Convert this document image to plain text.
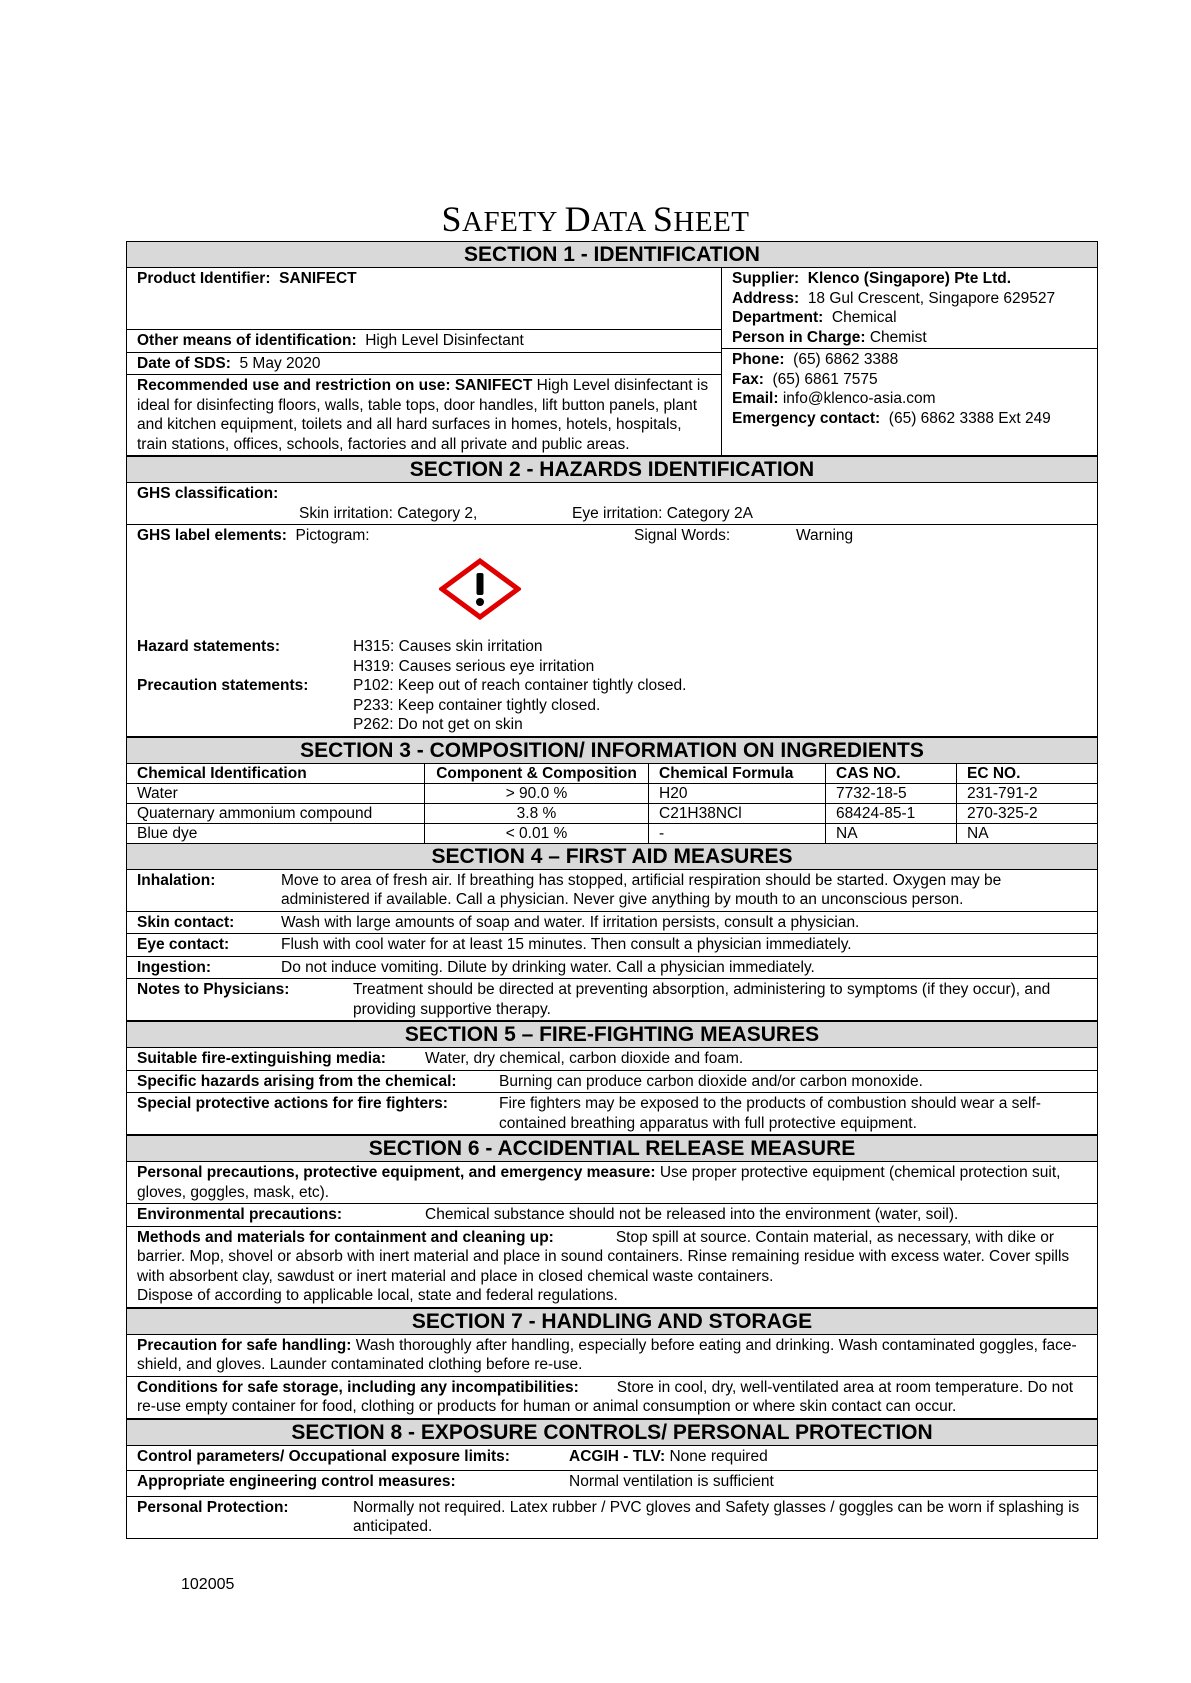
SAFETY DATA SHEET
SECTION 1 - IDENTIFICATION
Product Identifier: SANIFECT
Other means of identification: High Level Disinfectant
Date of SDS: 5 May 2020
Recommended use and restriction on use: SANIFECT High Level disinfectant is ideal for disinfecting floors, walls, table tops, door handles, lift button panels, plant and kitchen equipment, toilets and all hard surfaces in homes, hotels, hospitals, train stations, offices, schools, factories and all private and public areas.
Supplier: Klenco (Singapore) Pte Ltd.
Address: 18 Gul Crescent, Singapore 629527
Department: Chemical
Person in Charge: Chemist
Phone: (65) 6862 3388
Fax: (65) 6861 7575
Email: info@klenco-asia.com
Emergency contact: (65) 6862 3388 Ext 249
SECTION 2 - HAZARDS IDENTIFICATION
GHS classification:
Skin irritation: Category 2,	Eye irritation: Category 2A
GHS label elements: Pictogram:	Signal Words:	Warning
Hazard statements:	H315: Causes skin irritation
H319: Causes serious eye irritation
Precaution statements:	P102: Keep out of reach container tightly closed.
P233: Keep container tightly closed.
P262: Do not get on skin
SECTION 3 - COMPOSITION/ INFORMATION ON INGREDIENTS
Chemical Identification	Component & Composition	Chemical Formula	CAS NO.	EC NO.
Water	> 90.0 %	H20	7732-18-5	231-791-2
Quaternary ammonium compound	3.8 %	C21H38NCl	68424-85-1	270-325-2
Blue dye	< 0.01 %	-	NA	NA
SECTION 4 – FIRST AID MEASURES
Inhalation:	Move to area of fresh air. If breathing has stopped, artificial respiration should be started. Oxygen may be administered if available. Call a physician. Never give anything by mouth to an unconscious person.
Skin contact:	Wash with large amounts of soap and water. If irritation persists, consult a physician.
Eye contact:	Flush with cool water for at least 15 minutes. Then consult a physician immediately.
Ingestion:	Do not induce vomiting. Dilute by drinking water. Call a physician immediately.
Notes to Physicians:	Treatment should be directed at preventing absorption, administering to symptoms (if they occur), and providing supportive therapy.
SECTION 5 – FIRE-FIGHTING MEASURES
Suitable fire-extinguishing media:	Water, dry chemical, carbon dioxide and foam.
Specific hazards arising from the chemical:	Burning can produce carbon dioxide and/or carbon monoxide.
Special protective actions for fire fighters:	Fire fighters may be exposed to the products of combustion should wear a self-contained breathing apparatus with full protective equipment.
SECTION 6 - ACCIDENTIAL RELEASE MEASURE
Personal precautions, protective equipment, and emergency measure: Use proper protective equipment (chemical protection suit, gloves, goggles, mask, etc).
Environmental precautions:	Chemical substance should not be released into the environment (water, soil).
Methods and materials for containment and cleaning up:	Stop spill at source. Contain material, as necessary, with dike or barrier. Mop, shovel or absorb with inert material and place in sound containers. Rinse remaining residue with excess water. Cover spills with absorbent clay, sawdust or inert material and place in closed chemical waste containers.
Dispose of according to applicable local, state and federal regulations.
SECTION 7 - HANDLING AND STORAGE
Precaution for safe handling: Wash thoroughly after handling, especially before eating and drinking. Wash contaminated goggles, face-shield, and gloves. Launder contaminated clothing before re-use.
Conditions for safe storage, including any incompatibilities: Store in cool, dry, well-ventilated area at room temperature. Do not re-use empty container for food, clothing or products for human or animal consumption or where skin contact can occur.
SECTION 8 - EXPOSURE CONTROLS/ PERSONAL PROTECTION
Control parameters/ Occupational exposure limits:	ACGIH - TLV: None required
Appropriate engineering control measures:	Normal ventilation is sufficient
Personal Protection:	Normally not required. Latex rubber / PVC gloves and Safety glasses / goggles can be worn if splashing is anticipated.
102005
